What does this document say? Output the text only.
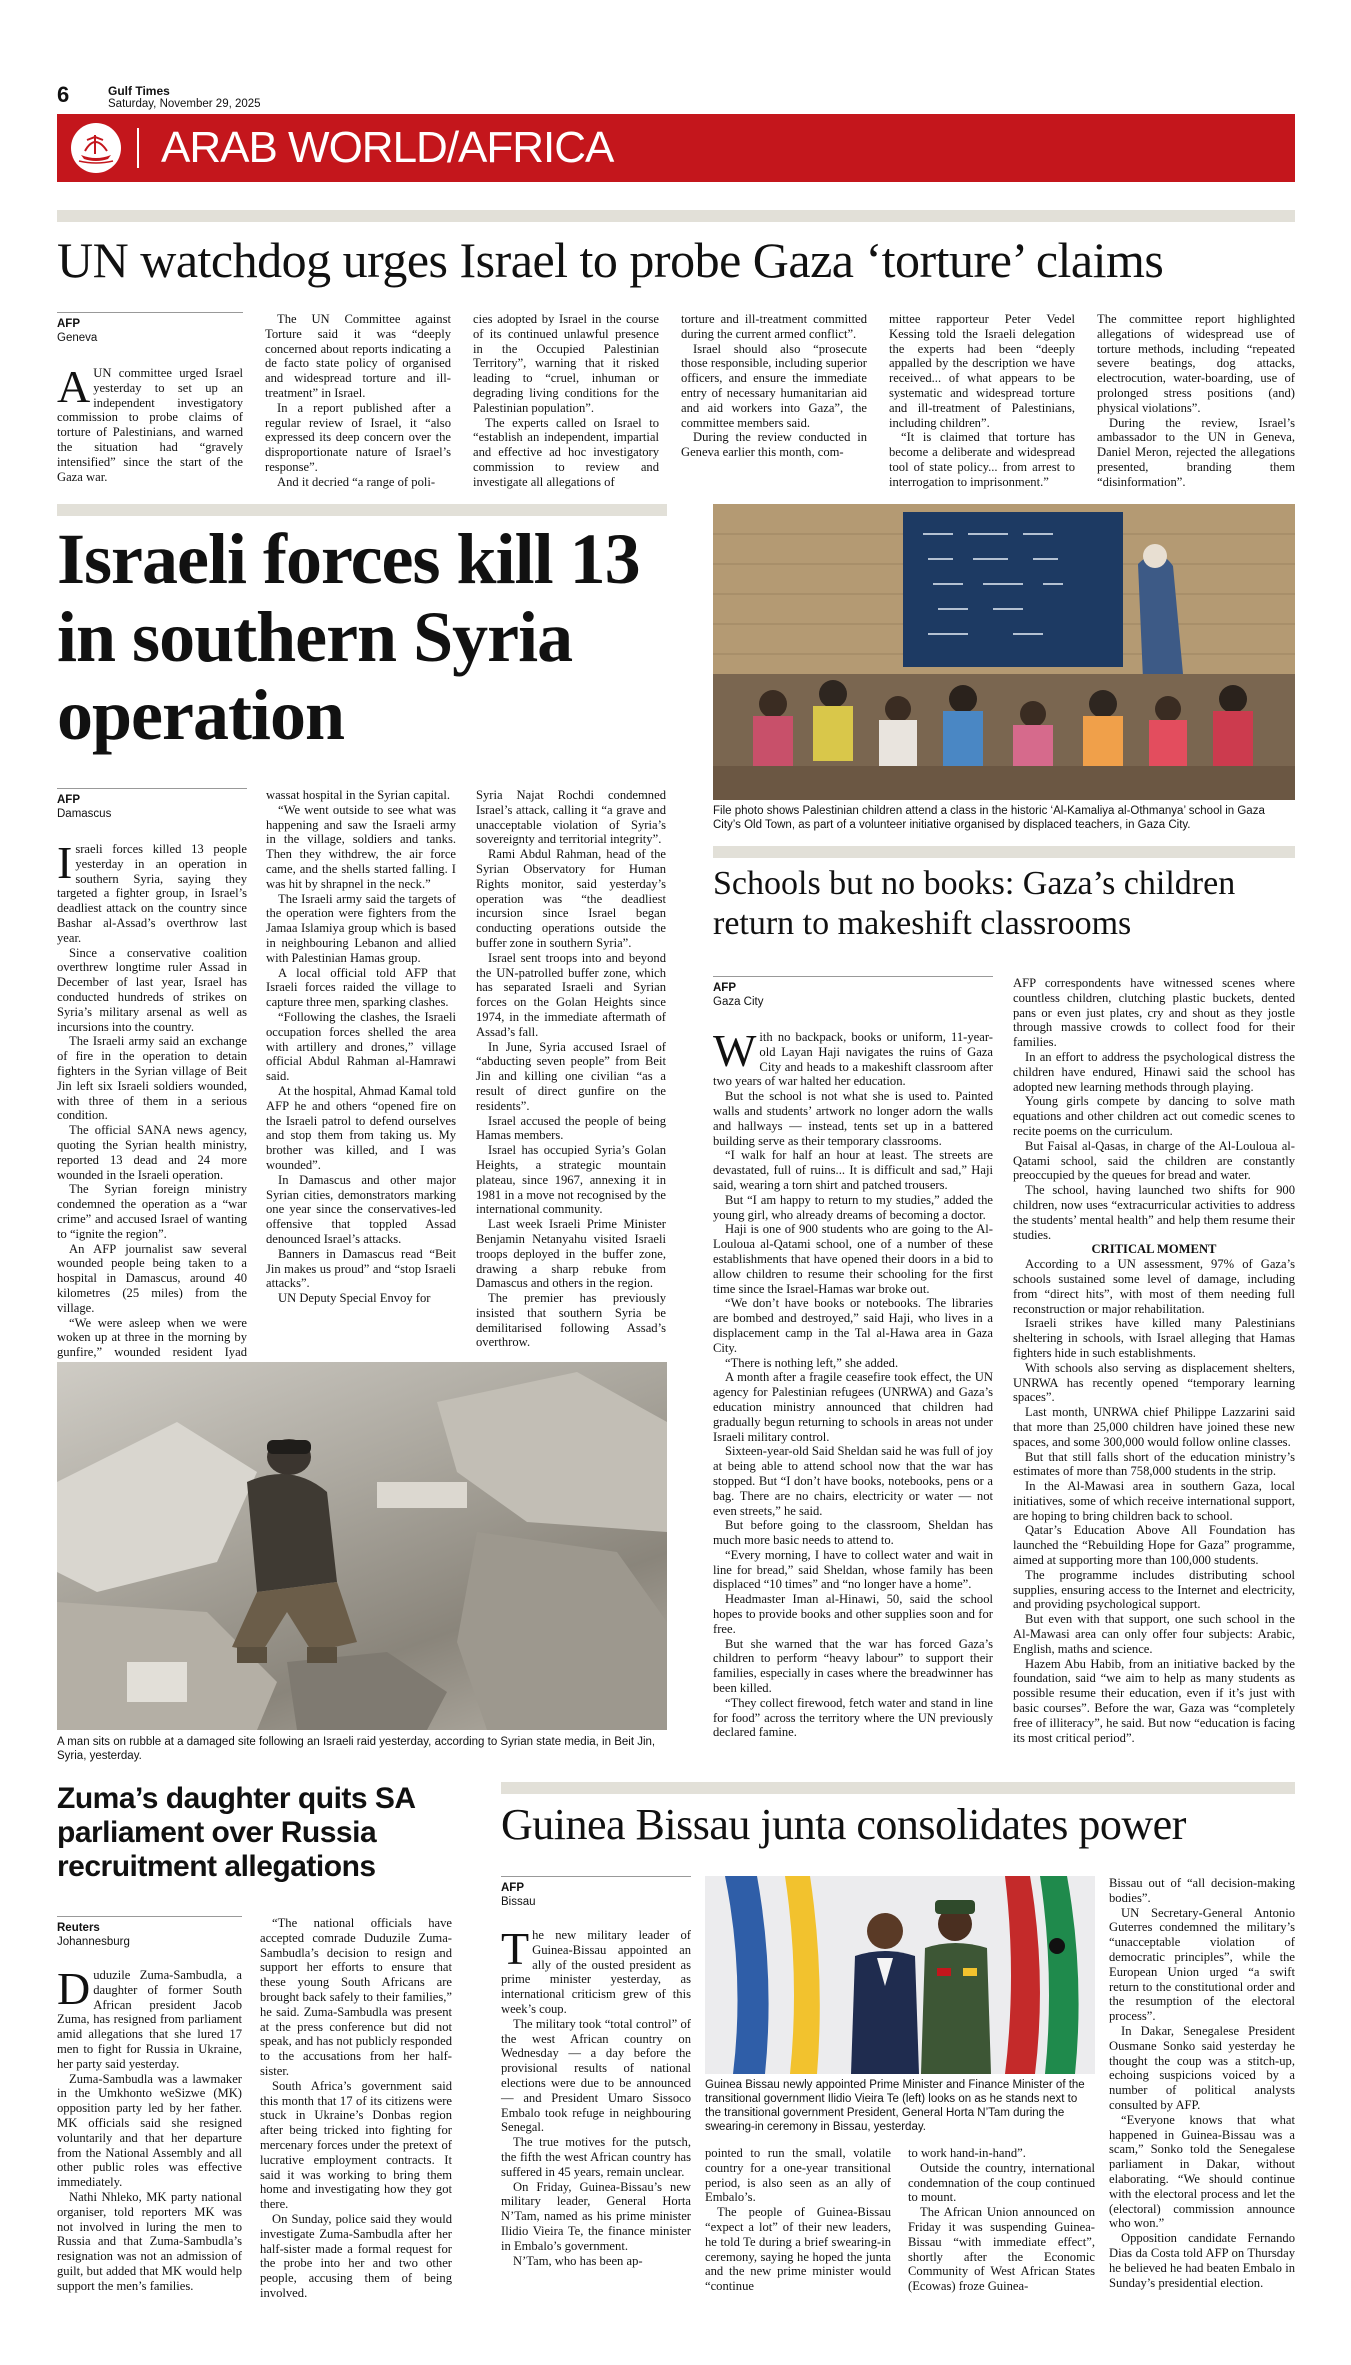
6	Gulf Times
Saturday, November 29, 2025
ARAB WORLD/AFRICA
UN watchdog urges Israel to probe Gaza ‘torture’ claims
AFP
Geneva

AUN committee urged Israel yesterday to set up an independent investigatory commission to probe claims of torture of Palestinians, and warned the situation had “gravely intensified” since the start of the Gaza war.

The UN Committee against Torture said it was “deeply concerned about reports indicating a de facto state policy of organised and widespread torture and ill-treatment” in Israel.

In a report published after a regular review of Israel, it “also expressed its deep concern over the disproportionate nature of Israel’s response”.

And it decried “a range of poli-

cies adopted by Israel in the course of its continued unlawful presence in the Occupied Palestinian Territory”, warning that it risked leading to “cruel, inhuman or degrading living conditions for the Palestinian population”.

The experts called on Israel to “establish an independent, impartial and effective ad hoc investigatory commission to review and investigate all allegations of

torture and ill-treatment committed during the current armed conflict”.

Israel should also “prosecute those responsible, including superior officers, and ensure the immediate entry of necessary humanitarian aid and aid workers into Gaza”, the committee members said.

During the review conducted in Geneva earlier this month, com-

mittee rapporteur Peter Vedel Kessing told the Israeli delegation the experts had been “deeply appalled by the description we have received... of what appears to be systematic and widespread torture and ill-treatment of Palestinians, including children”.

“It is claimed that torture has become a deliberate and widespread tool of state policy... from arrest to interrogation to imprisonment.”

The committee report highlighted allegations of widespread use of torture methods, including “repeated severe beatings, dog attacks, electrocution, water-boarding, use of prolonged stress positions (and) physical violations”.

During the review, Israel’s ambassador to the UN in Geneva, Daniel Meron, rejected the allegations presented, branding them “disinformation”.

Israeli forces kill 13 in southern Syria operation
AFP
Damascus

Israeli forces killed 13 people yesterday in an operation in southern Syria, saying they targeted a fighter group, in Israel’s deadliest attack on the country since Bashar al-Assad’s overthrow last year.

Since a conservative coalition overthrew longtime ruler Assad in December of last year, Israel has conducted hundreds of strikes on Syria’s military arsenal as well as incursions into the country.

The Israeli army said an exchange of fire in the operation to detain fighters in the Syrian village of Beit Jin left six Israeli soldiers wounded, with three of them in a serious condition.

The official SANA news agency, quoting the Syrian health ministry, reported 13 dead and 24 more wounded in the Israeli operation.

The Syrian foreign ministry condemned the operation as a “war crime” and accused Israel of wanting to “ignite the region”.

An AFP journalist saw several wounded people being taken to a hospital in Damascus, around 40 kilometres (25 miles) from the village.

“We were asleep when we were woken up at three in the morning by gunfire,” wounded resident Iyad

wassat hospital in the Syrian capital.

“We went outside to see what was happening and saw the Israeli army in the village, soldiers and tanks. Then they withdrew, the air force came, and the shells started falling. I was hit by shrapnel in the neck.”

The Israeli army said the targets of the operation were fighters from the Jamaa Islamiya group which is based in neighbouring Lebanon and allied with Palestinian Hamas group.

A local official told AFP that Israeli forces raided the village to capture three men, sparking clashes.

“Following the clashes, the Israeli occupation forces shelled the area with artillery and drones,” village official Abdul Rahman al-Hamrawi said.

At the hospital, Ahmad Kamal told AFP he and others “opened fire on the Israeli patrol to defend ourselves and stop them from taking us. My brother was killed, and I was wounded”.

In Damascus and other major Syrian cities, demonstrators marking one year since the conservatives-led offensive that toppled Assad denounced Israel’s attacks.

Banners in Damascus read “Beit Jin makes us proud” and “stop Israeli attacks”.

UN Deputy Special Envoy for

Syria Najat Rochdi condemned Israel’s attack, calling it “a grave and unacceptable violation of Syria’s sovereignty and territorial integrity”.

Rami Abdul Rahman, head of the Syrian Observatory for Human Rights monitor, said yesterday’s operation was “the deadliest incursion since Israel began conducting operations outside the buffer zone in southern Syria”.

Israel sent troops into and beyond the UN-patrolled buffer zone, which has separated Israeli and Syrian forces on the Golan Heights since 1974, in the immediate aftermath of Assad’s fall.

In June, Syria accused Israel of “abducting seven people” from Beit Jin and killing one civilian “as a result of direct gunfire on the residents”.

Israel accused the people of being Hamas members.

Israel has occupied Syria’s Golan Heights, a strategic mountain plateau, since 1967, annexing it in 1981 in a move not recognised by the international community.

Last week Israeli Prime Minister Benjamin Netanyahu visited Israeli troops deployed in the buffer zone, drawing a sharp rebuke from Damascus and others in the region.

The premier has previously insisted that southern Syria be demilitarised following Assad’s overthrow.

A man sits on rubble at a damaged site following an Israeli raid yesterday, according to Syrian state media, in Beit Jin, Syria, yesterday.
File photo shows Palestinian children attend a class in the historic ‘Al-Kamaliya al-Othmanya’ school in Gaza City’s Old Town, as part of a volunteer initiative organised by displaced teachers, in Gaza City.
Schools but no books: Gaza’s children return to makeshift classrooms
AFP
Gaza City

With no backpack, books or uniform, 11-year-old Layan Haji navigates the ruins of Gaza City and heads to a makeshift classroom after two years of war halted her education.

But the school is not what she is used to. Painted walls and students’ artwork no longer adorn the walls and hallways — instead, tents set up in a battered building serve as their temporary classrooms.

“I walk for half an hour at least. The streets are devastated, full of ruins... It is difficult and sad,” Haji said, wearing a torn shirt and patched trousers.

But “I am happy to return to my studies,” added the young girl, who already dreams of becoming a doctor.

Haji is one of 900 students who are going to the Al-Louloua al-Qatami school, one of a number of these establishments that have opened their doors in a bid to allow children to resume their schooling for the first time since the Israel-Hamas war broke out.

“We don’t have books or notebooks. The libraries are bombed and destroyed,” said Haji, who lives in a displacement camp in the Tal al-Hawa area in Gaza City.

“There is nothing left,” she added.

A month after a fragile ceasefire took effect, the UN agency for Palestinian refugees (UNRWA) and Gaza’s education ministry announced that children had gradually begun returning to schools in areas not under Israeli military control.

Sixteen-year-old Said Sheldan said he was full of joy at being able to attend school now that the war has stopped. But “I don’t have books, notebooks, pens or a bag. There are no chairs, electricity or water — not even streets,” he said.

But before going to the classroom, Sheldan has much more basic needs to attend to.

“Every morning, I have to collect water and wait in line for bread,” said Sheldan, whose family has been displaced “10 times” and “no longer have a home”.

Headmaster Iman al-Hinawi, 50, said the school hopes to provide books and other supplies soon and for free.

But she warned that the war has forced Gaza’s children to perform “heavy labour” to support their families, especially in cases where the breadwinner has been killed.

“They collect firewood, fetch water and stand in line for food” across the territory where the UN previously declared famine.

AFP correspondents have witnessed scenes where countless children, clutching plastic buckets, dented pans or even just plates, cry and shout as they jostle through massive crowds to collect food for their families.

In an effort to address the psychological distress the children have endured, Hinawi said the school has adopted new learning methods through playing.

Young girls compete by dancing to solve math equations and other children act out comedic scenes to recite poems on the curriculum.

But Faisal al-Qasas, in charge of the Al-Louloua al-Qatami school, said the children are constantly preoccupied by the queues for bread and water.

The school, having launched two shifts for 900 children, now uses “extracurricular activities to address the students’ mental health” and help them resume their studies.

CRITICAL MOMENT

According to a UN assessment, 97% of Gaza’s schools sustained some level of damage, including from “direct hits”, with most of them needing full reconstruction or major rehabilitation.

Israeli strikes have killed many Palestinians sheltering in schools, with Israel alleging that Hamas fighters hide in such establishments.

With schools also serving as displacement shelters, UNRWA has recently opened “temporary learning spaces”.

Last month, UNRWA chief Philippe Lazzarini said that more than 25,000 children have joined these new spaces, and some 300,000 would follow online classes.

But that still falls short of the education ministry’s estimates of more than 758,000 students in the strip.

In the Al-Mawasi area in southern Gaza, local initiatives, some of which receive international support, are hoping to bring children back to school.

Qatar’s Education Above All Foundation has launched the “Rebuilding Hope for Gaza” programme, aimed at supporting more than 100,000 students.

The programme includes distributing school supplies, ensuring access to the Internet and electricity, and providing psychological support.

But even with that support, one such school in the Al-Mawasi area can only offer four subjects: Arabic, English, maths and science.

Hazem Abu Habib, from an initiative backed by the foundation, said “we aim to help as many students as possible resume their education, even if it’s just with basic courses”. Before the war, Gaza was “completely free of illiteracy”, he said. But now “education is facing its most critical period”.

Zuma’s daughter quits SA parliament over Russia recruitment allegations
Reuters
Johannesburg

Duduzile Zuma-Sambudla, a daughter of former South African president Jacob Zuma, has resigned from parliament amid allegations that she lured 17 men to fight for Russia in Ukraine, her party said yesterday.

Zuma-Sambudla was a lawmaker in the Umkhonto weSizwe (MK) opposition party led by her father. MK officials said she resigned voluntarily and that her departure from the National Assembly and all other public roles was effective immediately.

Nathi Nhleko, MK party national organiser, told reporters MK was not involved in luring the men to Russia and that Zuma-Sambudla’s resignation was not an admission of guilt, but added that MK would help support the men’s families.

“The national officials have accepted comrade Duduzile Zuma-Sambudla’s decision to resign and support her efforts to ensure that these young South Africans are brought back safely to their families,” he said. Zuma-Sambudla was present at the press conference but did not speak, and has not publicly responded to the accusations from her half-sister.

South Africa’s government said this month that 17 of its citizens were stuck in Ukraine’s Donbas region after being tricked into fighting for mercenary forces under the pretext of lucrative employment contracts. It said it was working to bring them home and investigating how they got there.

On Sunday, police said they would investigate Zuma-Sambudla after her half-sister made a formal request for the probe into her and two other people, accusing them of being involved.

Guinea Bissau junta consolidates power
AFP
Bissau

The new military leader of Guinea-Bissau appointed an ally of the ousted president as prime minister yesterday, as international criticism grew of this week’s coup.

The military took “total control” of the west African country on Wednesday — a day before the provisional results of national elections were due to be announced — and President Umaro Sissoco Embalo took refuge in neighbouring Senegal.

The true motives for the putsch, the fifth the west African country has suffered in 45 years, remain unclear.

On Friday, Guinea-Bissau’s new military leader, General Horta N’Tam, named as his prime minister Ilidio Vieira Te, the finance minister in Embalo’s government.

N’Tam, who has been ap-

Guinea Bissau newly appointed Prime Minister and Finance Minister of the transitional government Ilidio Vieira Te (left) looks on as he stands next to the transitional government President, General Horta N’Tam during the swearing-in ceremony in Bissau, yesterday.

pointed to run the small, volatile country for a one-year transitional period, is also seen as an ally of Embalo’s.

The people of Guinea-Bissau “expect a lot” of their new leaders, he told Te during a brief swearing-in ceremony, saying he hoped the junta and the new prime minister would “continue

to work hand-in-hand”.

Outside the country, international condemnation of the coup continued to mount.

The African Union announced on Friday it was suspending Guinea-Bissau “with immediate effect”, shortly after the Economic Community of West African States (Ecowas) froze Guinea-

Bissau out of “all decision-making bodies”.

UN Secretary-General Antonio Guterres condemned the military’s “unacceptable violation of democratic principles”, while the European Union urged “a swift return to the constitutional order and the resumption of the electoral process”.

In Dakar, Senegalese President Ousmane Sonko said yesterday he thought the coup was a stitch-up, echoing suspicions voiced by a number of political analysts consulted by AFP.

“Everyone knows that what happened in Guinea-Bissau was a scam,” Sonko told the Senegalese parliament in Dakar, without elaborating. “We should continue with the electoral process and let the (electoral) commission announce who won.”

Opposition candidate Fernando Dias da Costa told AFP on Thursday he believed he had beaten Embalo in Sunday’s presidential election.
